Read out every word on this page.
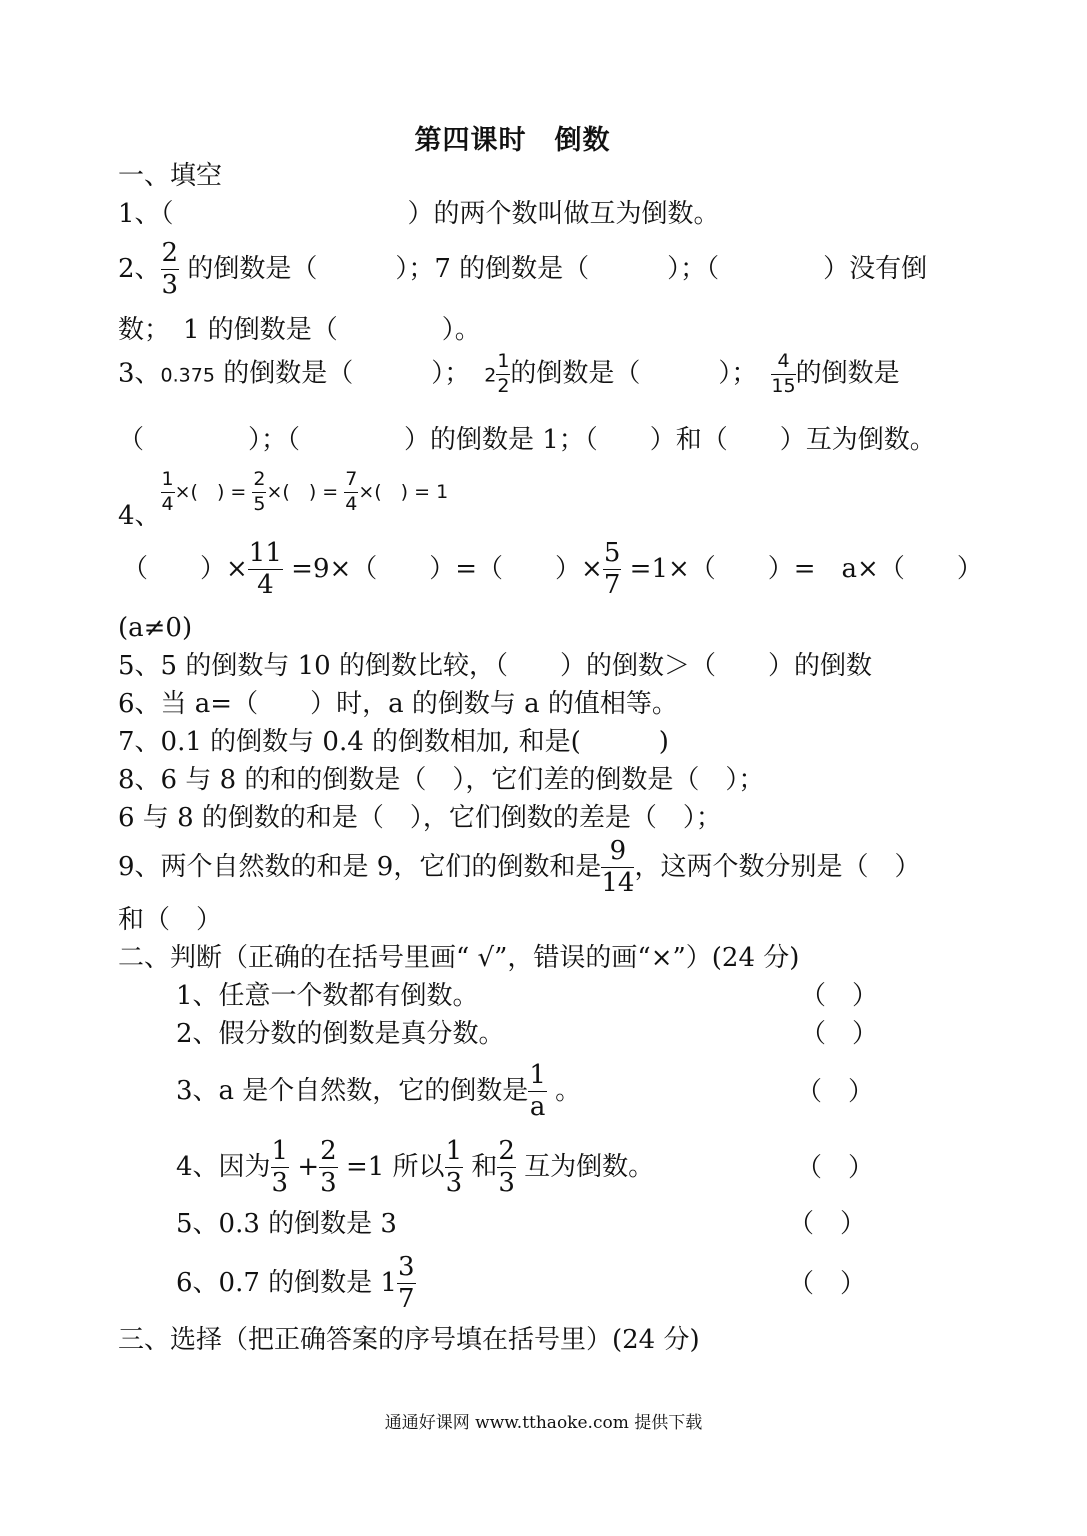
第四课时　倒数
一、填空
1、（　　　　　　　　　）的两个数叫做互为倒数。
2、 $\frac{2}{3}$ 的倒数是（　　　）；7 的倒数是（　　　）；（　　　　）没有倒
数；　1 的倒数是（　　　　）。
3、0.375 的倒数是（　　　）； $2 \frac{1}{2}$ 的倒数是（　　　）； $\frac{4}{15}$ 的倒数是
（　　　　）；（　　　　）的倒数是 1；（　　）和（　　）互为倒数。
4、
$^{\frac{1}{4} \times( ) = \frac{2}{5} \times( ) = \frac{7}{4} \times( ) = 1}$
（　　）× $\frac{11}{4} =9\times$（　　）=（　　）× $\frac{5}{7} =1\times$（　　）=　a×（　　）
(a≠0)
5、5 的倒数与 10 的倒数比较，（　　）的倒数＞（　　）的倒数
6、当 a=（　　）时，a 的倒数与 a 的值相等。
7、0.1 的倒数与 0.4 的倒数相加, 和是(　　　)
8、6 与 8 的和的倒数是（　），它们差的倒数是（　）；
6 与 8 的倒数的和是（　），它们倒数的差是（　）；
9、两个自然数的和是 9，它们的倒数和是 $\frac{9}{14}$ ，这两个数分别是（　）
和（　）
二、判断（正确的在括号里画“ √”，错误的画“×”）(24 分)
1、任意一个数都有倒数。	（　）
2、假分数的倒数是真分数。	（　）
3、a 是个自然数，它的倒数是 $\frac{1}{a}$ 。	（　）
4、因为 $\frac{1}{3} + \frac{2}{3} =1$ 所以 $\frac{1}{3}$ 和 $\frac{2}{3}$ 互为倒数。	（　）
5、0.3 的倒数是 3	（　）
6、0.7 的倒数是 $1 \frac{3}{7}$	（　）
三、选择（把正确答案的序号填在括号里）(24 分)
通通好课网 www.tthaoke.com 提供下载
